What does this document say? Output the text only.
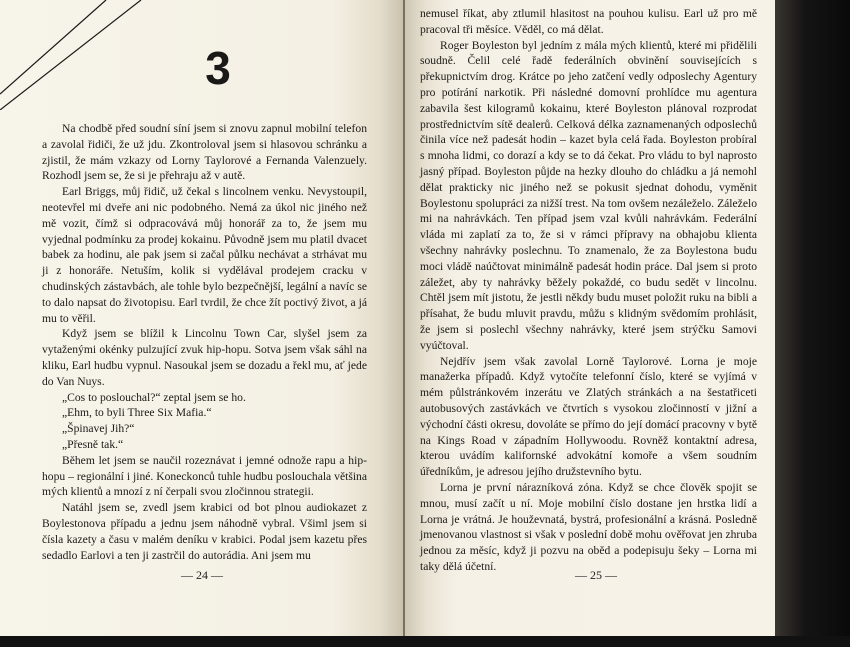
3

Na chodbě před soudní síní jsem si znovu zapnul mobilní telefon a zavolal řidiči, že už jdu. Zkontroloval jsem si hlasovou schránku a zjistil, že mám vzkazy od Lorny Taylorové a Fernanda Valenzuely. Rozhodl jsem se, že si je přehraju až v autě.

Earl Briggs, můj řidič, už čekal s lincolnem venku. Nevystoupil, neotevřel mi dveře ani nic podobného. Nemá za úkol nic jiného než mě vozit, čímž si odpracovává můj honorář za to, že jsem mu vyjednal podmínku za prodej kokainu. Původně jsem mu platil dvacet babek za hodinu, ale pak jsem si začal půlku nechávat a strhávat mu ji z honoráře. Netuším, kolik si vydělával prodejem cracku v chudinských zástavbách, ale tohle bylo bezpečnější, legální a navíc se to dalo napsat do životopisu. Earl tvrdil, že chce žít poctivý život, a já mu to věřil.

Když jsem se blížil k Lincolnu Town Car, slyšel jsem za vytaženými okénky pulzující zvuk hip-hopu. Sotva jsem však sáhl na kliku, Earl hudbu vypnul. Nasoukal jsem se dozadu a řekl mu, ať jede do Van Nuys.

„Cos to poslouchal?“ zeptal jsem se ho.

„Ehm, to byli Three Six Mafia.“

„Špinavej Jih?“

„Přesně tak.“

Během let jsem se naučil rozeznávat i jemné odnože rapu a hip-hopu – regionální i jiné. Koneckonců tuhle hudbu poslouchala většina mých klientů a mnozí z ní čerpali svou zločinnou strategii.

Natáhl jsem se, zvedl jsem krabici od bot plnou audiokazet z Boylestonova případu a jednu jsem náhodně vybral. Všiml jsem si čísla kazety a času v malém deníku v krabici. Podal jsem kazetu přes sedadlo Earlovi a ten ji zastrčil do autorádia. Ani jsem mu

— 24 —

nemusel říkat, aby ztlumil hlasitost na pouhou kulisu. Earl už pro mě pracoval tři měsíce. Věděl, co má dělat.

Roger Boyleston byl jedním z mála mých klientů, které mi přidělili soudně. Čelil celé řadě federálních obvinění souvisejících s překupnictvím drog. Krátce po jeho zatčení vedly odposlechy Agentury pro potírání narkotik. Při následné domovní prohlídce mu agentura zabavila šest kilogramů kokainu, které Boyleston plánoval rozprodat prostřednictvím sítě dealerů. Celková délka zaznamenaných odposlechů činila více než padesát hodin – kazet byla celá řada. Boyleston probíral s mnoha lidmi, co dorazí a kdy se to dá čekat. Pro vládu to byl naprosto jasný případ. Boyleston půjde na hezky dlouho do chládku a já nemohl dělat prakticky nic jiného než se pokusit sjednat dohodu, vyměnit Boylestonu spolupráci za nižší trest. Na tom ovšem nezáleželo. Záleželo mi na nahrávkách. Ten případ jsem vzal kvůli nahrávkám. Federální vláda mi zaplatí za to, že si v rámci přípravy na obhajobu klienta všechny nahrávky poslechnu. To znamenalo, že za Boylestona budu moci vládě naúčtovat minimálně padesát hodin práce. Dal jsem si proto záležet, aby ty nahrávky běžely pokaždé, co budu sedět v lincolnu. Chtěl jsem mít jistotu, že jestli někdy budu muset položit ruku na bibli a přísahat, že budu mluvit pravdu, můžu s klidným svědomím prohlásit, že jsem si poslechl všechny nahrávky, které jsem strýčku Samovi vyúčtoval.

Nejdřív jsem však zavolal Lorně Taylorové. Lorna je moje manažerka případů. Když vytočíte telefonní číslo, které se vyjímá v mém půlstránkovém inzerátu ve Zlatých stránkách a na šestatřiceti autobusových zastávkách ve čtvrtích s vysokou zločinností v jižní a východní části okresu, dovoláte se přímo do její domácí pracovny v bytě na Kings Road v západním Hollywoodu. Rovněž kontaktní adresa, kterou uvádím kalifornské advokátní komoře a všem soudním úředníkům, je adresou jejího družstevního bytu.

Lorna je první nárazníková zóna. Když se chce člověk spojit se mnou, musí začít u ní. Moje mobilní číslo dostane jen hrstka lidí a Lorna je vrátná. Je houževnatá, bystrá, profesionální a krásná. Posledně jmenovanou vlastnost si však v poslední době mohu ověřovat jen zhruba jednou za měsíc, když ji pozvu na oběd a podepisuju šeky – Lorna mi taky dělá účetní.

— 25 —
